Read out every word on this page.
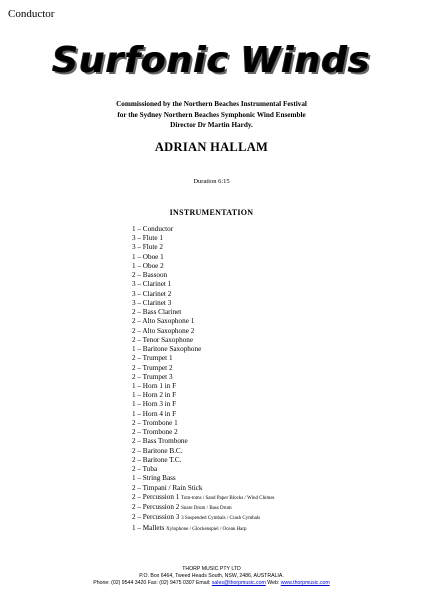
Conductor
Surfonic Winds
Commissioned by the Northern Beaches Instrumental Festival
for the Sydney Northern Beaches Symphonic Wind Ensemble
Director Dr Martin Hardy.
ADRIAN HALLAM
Duration 6:15
INSTRUMENTATION
1 – Conductor
3 – Flute 1
3 – Flute 2
1 – Oboe 1
1 – Oboe 2
2 – Bassoon
3 – Clarinet 1
3 – Clarinet 2
3 – Clarinet 3
2 – Bass Clarinet
2 – Alto Saxophone 1
2 – Alto Saxophone 2
2 – Tenor Saxophone
1 – Baritone Saxophone
2 – Trumpet 1
2 – Trumpet 2
2 – Trumpet 3
1 – Horn 1 in F
1 – Horn 2 in F
1 – Horn 3 in F
1 – Horn 4 in F
2 – Trombone 1
2 – Trombone 2
2 – Bass Trombone
2 – Baritone B.C.
2 – Baritone T.C.
2 – Tuba
1 – String Bass
2 – Timpani / Rain Stick
2 – Percussion 1 Tom-toms / Sand Paper Blocks / Wind Chimes
2 – Percussion 2 Snare Drum / Bass Drum
2 – Percussion 3 3 Suspended Cymbals / Crash Cymbals
1 – Mallets Xylophone / Glockenspiel / Ocean Harp
THORP MUSIC PTY LTD
P.O. Box 6464, Tweed Heads South, NSW, 2486, AUSTRALIA.
Phone: (02) 9544 3420 Fax: (02) 9475 0307 Email: sales@thorpmusic.com Web: www.thorpmusic.com
